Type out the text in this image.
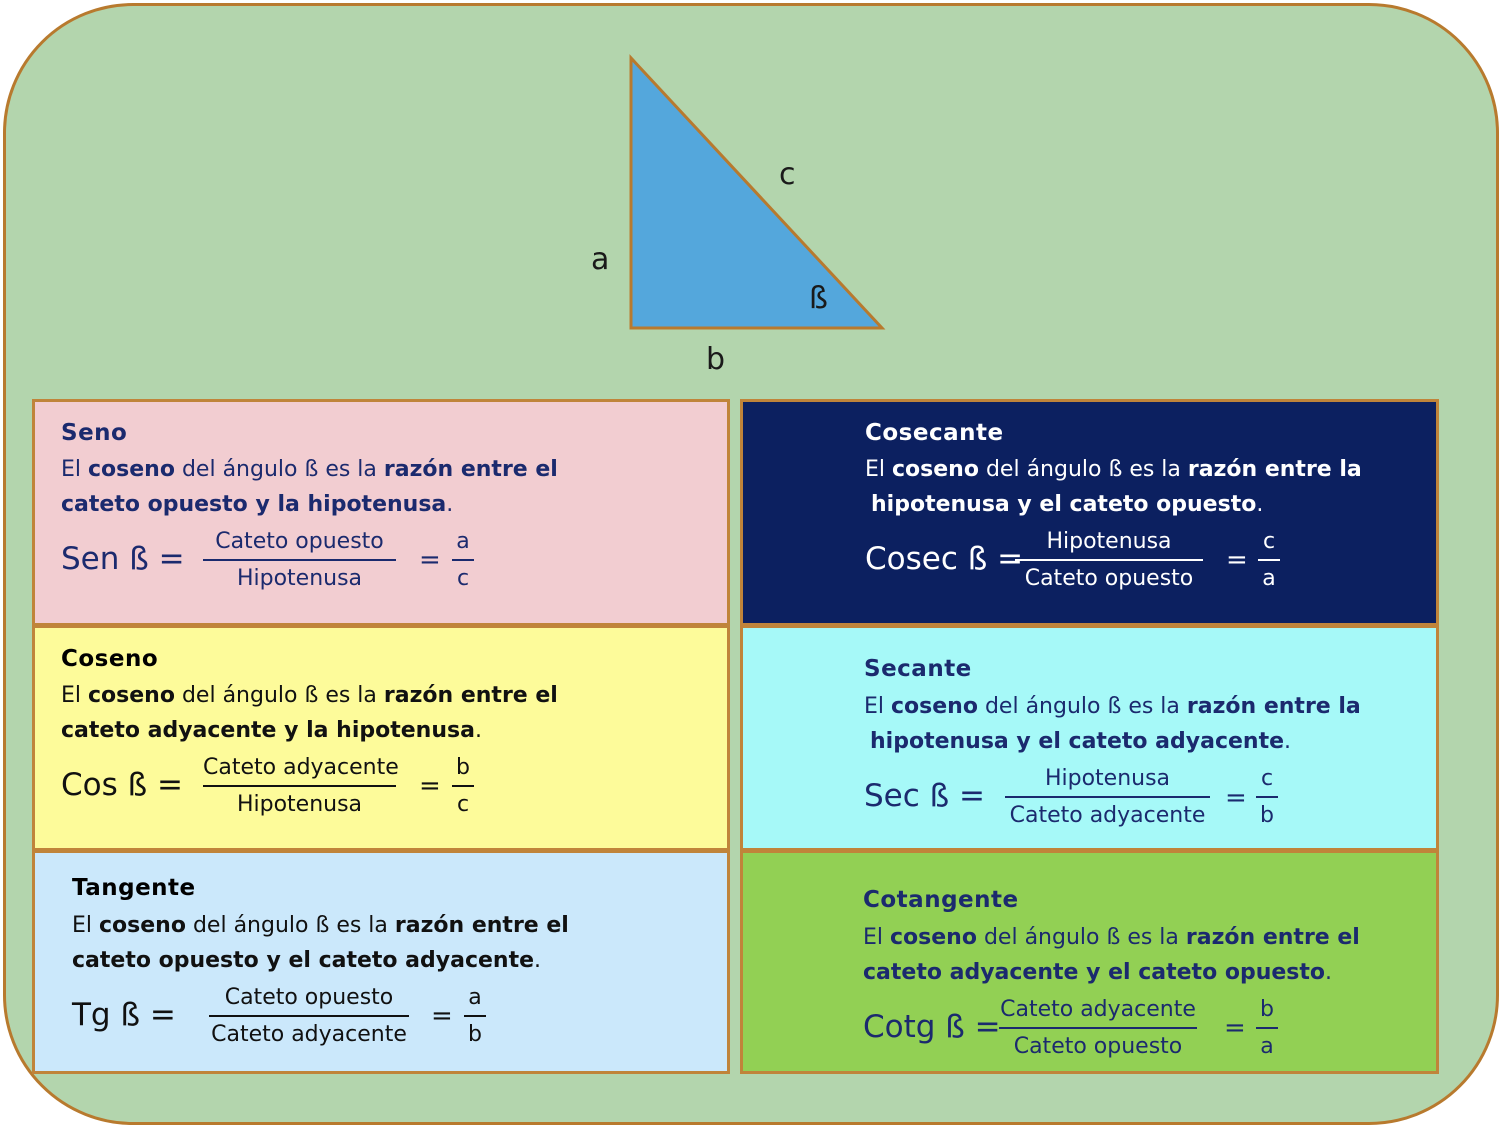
c
a
b
ß
Seno
El coseno del ángulo ß es la razón entre el
cateto opuesto y la hipotenusa.
Sen ß =	Cateto opuesto
Hipotenusa
=
a
c
Coseno
El coseno del ángulo ß es la razón entre el
cateto adyacente y la hipotenusa.
Cos ß = Cateto adyacente
Hipotenusa
=
b
c
Tangente
El coseno del ángulo ß es la razón entre el
cateto opuesto y el cateto adyacente.
Tg ß =	Cateto opuesto
Cateto adyacente
=
a
b
Cosecante
El coseno del ángulo ß es la razón entre la
hipotenusa y el cateto opuesto.
Cosec ß =	Hipotenusa
Cateto opuesto
=
c
a
Secante
El coseno del ángulo ß es la razón entre la
hipotenusa y el cateto adyacente.
Sec ß =	Hipotenusa
Cateto adyacente
=
c
b
Cotangente
El coseno del ángulo ß es la razón entre el
cateto adyacente y el cateto opuesto.
Cotg ß = Cateto adyacente
Cateto opuesto
=
b
a
